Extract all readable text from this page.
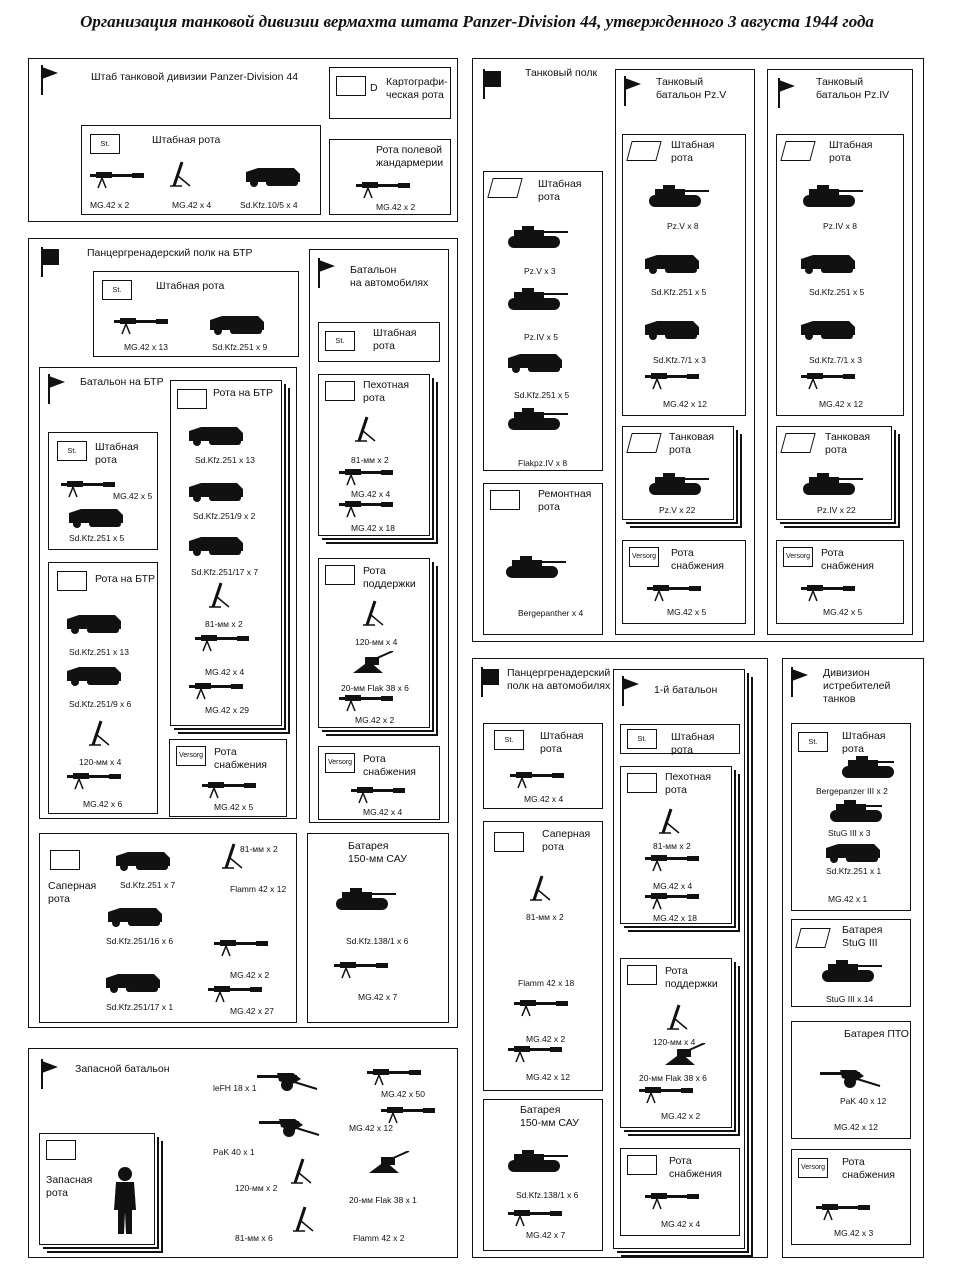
Организация танковой дивизии вермахта штата Panzer-Division 44, утвержденного 3 августа 1944 года
Штаб танковой дивизии Panzer-Division 44
D Картографи-
ческая рота
St.	Штабная рота
MG.42 x 2	MG.42 x 4	Sd.Kfz.10/5 x 4
Рота полевой
жандармерии
MG.42 x 2
Панцергренадерский полк на БТР
St.	Штабная рота
MG.42 x 13	Sd.Kfz.251 x 9
Батальон на БТР
St.	Штабная
рота
MG.42 x 5
Sd.Kfz.251 x 5
Рота на БТР
Sd.Kfz.251 x 13
Sd.Kfz.251/9 x 6
120-мм x 4
MG.42 x 6
Рота на БТР
Sd.Kfz.251 x 13
Sd.Kfz.251/9 x 2
Sd.Kfz.251/17 x 7
81-мм x 2
MG.42 x 4
MG.42 x 29
Versorg Рота
снабжения
MG.42 x 5
Батальон
на автомобилях
St.
Штабная
рота
Пехотная
рота
81-мм x 2
MG.42 x 4
MG.42 x 18
Рота
поддержки
120-мм x 4
20-мм Flak 38 x 6
MG.42 x 2
Versorg Рота
снабжения
MG.42 x 4
Саперная
рота
Sd.Kfz.251 x 7
Sd.Kfz.251/16 x 6
Sd.Kfz.251/17 x 1
81-мм x 2
Flamm 42 x 12
MG.42 x 2
MG.42 x 27
Батарея
150-мм САУ
Sd.Kfz.138/1 x 6
MG.42 x 7
Запасной батальон
Запасная
рота
leFH 18 x 1
PaK 40 x 1
120-мм x 2
81-мм x 6
MG.42 x 50
MG.42 x 12
20-мм Flak 38 x 1
Flamm 42 x 2
Танковый полк
Штабная
рота
Pz.V x 3
Pz.IV x 5
Sd.Kfz.251 x 5
Flakpz.IV x 8
Ремонтная
рота
Bergepanther x 4
Танковый
батальон Pz.V
Штабная
рота
Pz.V x 8
Sd.Kfz.251 x 5
Sd.Kfz.7/1 x 3
MG.42 x 12
Танковая
рота
Pz.V x 22
Versorg Рота
снабжения
MG.42 x 5
Танковый
батальон Pz.IV
Штабная
рота
Pz.IV x 8
Sd.Kfz.251 x 5
Sd.Kfz.7/1 x 3
MG.42 x 12
Танковая
рота
Pz.IV x 22
Versorg Рота
снабжения
MG.42 x 5
Панцергренадерский
полк на автомобилях
St.	Штабная рота
MG.42 x 4
Саперная
рота
81-мм x 2
Flamm 42 x 18
MG.42 x 2
MG.42 x 12
Батарея
150-мм САУ
Sd.Kfz.138/1 x 6
MG.42 x 7
1-й батальон
St.	Штабная рота
Пехотная
рота
81-мм x 2
MG.42 x 4
MG.42 x 18
Рота
поддержки
120-мм x 4
20-мм Flak 38 x 6
MG.42 x 2
Рота
снабжения
MG.42 x 4
Дивизион
истребителей
танков
St.	Штабная рота
Bergepanzer III x 2
StuG III x 3
Sd.Kfz.251 x 1
MG.42 x 1
Батарея
StuG III
StuG III x 14
Батарея ПТО
PaK 40 x 12
MG.42 x 12
Versorg Рота
снабжения
MG.42 x 3
